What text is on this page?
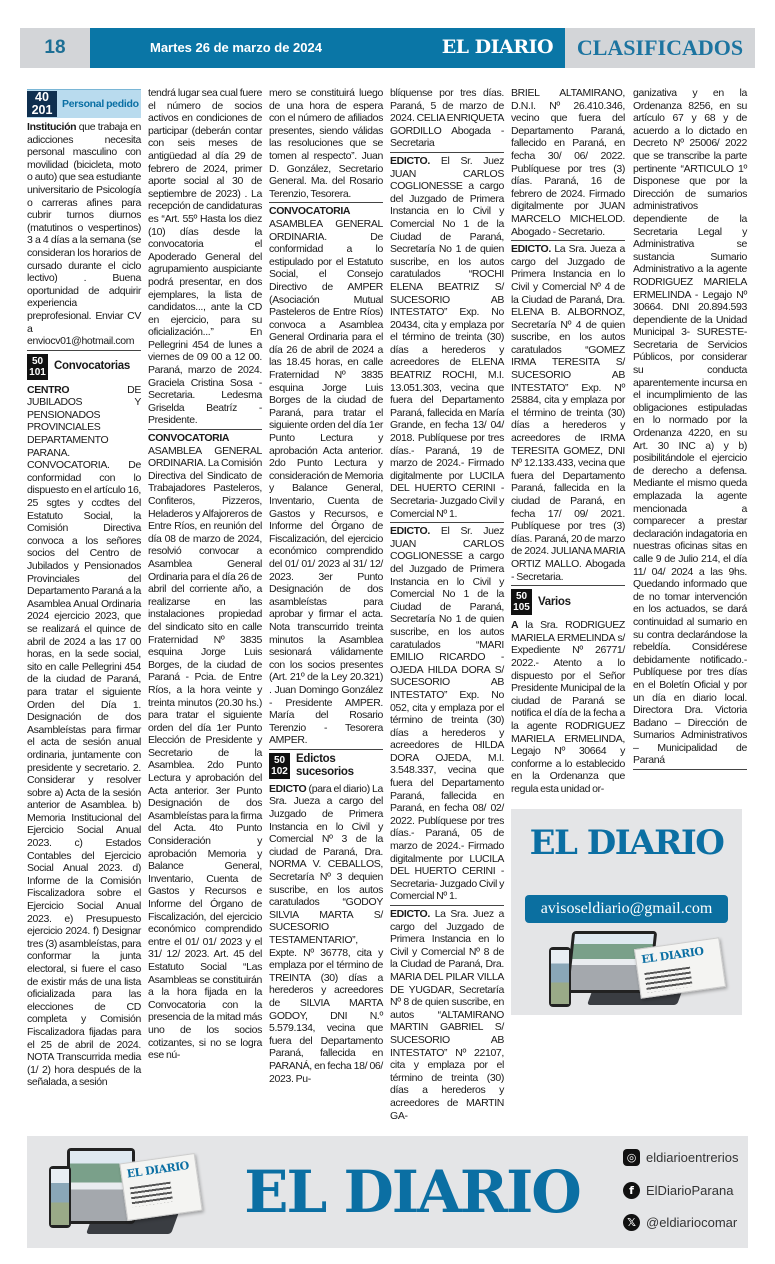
18	Martes 26 de marzo de 2024	EL DIARIO	CLASIFICADOS
40
201 Personal pedido

Institución que trabaja en adicciones necesita personal masculino con movilidad (bicicleta, moto o auto) que sea estudiante universitario de Psicología o carreras afines para cubrir turnos diurnos (matutinos o vespertinos) 3 a 4 días a la semana (se consideran los horarios de cursado durante el ciclo lectivo) . Buena oportunidad de adquirir experiencia preprofesional. Enviar CV a enviocv01@hotmail.com

50
101 Convocatorias

CENTRO DE JUBILADOS Y PENSIONADOS PROVINCIALES DEPARTAMENTO PARANA. CONVOCATORIA. De conformidad con lo dispuesto en el artículo 16, 25 sgtes y ccdtes del Estatuto Social, la Comisión Directiva convoca a los señores socios del Centro de Jubilados y Pensionados Provinciales del Departamento Paraná a la Asamblea Anual Ordinaria 2024 ejercicio 2023, que se realizará el quince de abril de 2024 a las 17 00 horas, en la sede social, sito en calle Pellegrini 454 de la ciudad de Paraná, para tratar el siguiente Orden del Día 1. Designación de dos Asambleístas para firmar el acta de sesión anual ordinaria, juntamente con presidente y secretario. 2. Considerar y resolver sobre a) Acta de la sesión anterior de Asamblea. b) Memoria Institucional del Ejercicio Social Anual 2023. c) Estados Contables del Ejercicio Social Anual 2023. d) Informe de la Comisión Fiscalizadora sobre el Ejercicio Social Anual 2023. e) Presupuesto ejercicio 2024. f) Designar tres (3) asambleístas, para conformar la junta electoral, si fuere el caso de existir más de una lista oficializada para las elecciones de CD completa y Comisión Fiscalizadora fijadas para el 25 de abril de 2024. NOTA Transcurrida media (1/ 2) hora después de la señalada, a sesión

tendrá lugar sea cual fuere el número de socios activos en condiciones de participar (deberán contar con seis meses de antigüedad al día 29 de febrero de 2024, primer aporte social al 30 de septiembre de 2023) . La recepción de candidaturas es “Art. 55º Hasta los diez (10) días desde la convocatoria el Apoderado General del agrupamiento auspiciante podrá presentar, en dos ejemplares, la lista de candidatos..., ante la CD en ejercicio, para su oficialización...” En Pellegrini 454 de lunes a viernes de 09 00 a 12 00. Paraná, marzo de 2024. Graciela Cristina Sosa - Secretaria. Ledesma Griselda Beatríz - Presidente.

CONVOCATORIA ASAMBLEA GENERAL ORDINARIA. La Comisión Directiva del Sindicato de Trabajadores Pasteleros, Confiteros, Pizzeros, Heladeros y Alfajoreros de Entre Ríos, en reunión del día 08 de marzo de 2024, resolvió convocar a Asamblea General Ordinaria para el día 26 de abril del corriente año, a realizarse en las instalaciones propiedad del sindicato sito en calle Fraternidad Nº 3835 esquina Jorge Luis Borges, de la ciudad de Paraná - Pcia. de Entre Ríos, a la hora veinte y treinta minutos (20.30 hs.) para tratar el siguiente orden del día 1er Punto Elección de Presidente y Secretario de la Asamblea. 2do Punto Lectura y aprobación del Acta anterior. 3er Punto Designación de dos Asambleístas para la firma del Acta. 4to Punto Consideración y aprobación Memoria y Balance General, Inventario, Cuenta de Gastos y Recursos e Informe del Órgano de Fiscalización, del ejercicio económico comprendido entre el 01/ 01/ 2023 y el 31/ 12/ 2023. Art. 45 del Estatuto Social “Las Asambleas se constituirán a la hora fijada en la Convocatoria con la presencia de la mitad más uno de los socios cotizantes, si no se logra ese nú-

mero se constituirá luego de una hora de espera con el número de afiliados presentes, siendo válidas las resoluciones que se tomen al respecto”. Juan D. González, Secretario General. Ma. del Rosario Terenzio, Tesorera.

CONVOCATORIA ASAMBLEA GENERAL ORDINARIA. De conformidad a lo estipulado por el Estatuto Social, el Consejo Directivo de AMPER (Asociación Mutual Pasteleros de Entre Ríos) convoca a Asamblea General Ordinaria para el día 26 de abril de 2024 a las 18.45 horas, en calle Fraternidad Nº 3835 esquina Jorge Luis Borges de la ciudad de Paraná, para tratar el siguiente orden del día 1er Punto Lectura y aprobación Acta anterior. 2do Punto Lectura y consideración de Memoria y Balance General, Inventario, Cuenta de Gastos y Recursos, e Informe del Órgano de Fiscalización, del ejercicio económico comprendido del 01/ 01/ 2023 al 31/ 12/ 2023. 3er Punto Designación de dos asambleístas para aprobar y firmar el acta. Nota transcurrido treinta minutos la Asamblea sesionará válidamente con los socios presentes (Art. 21º de la Ley 20.321) . Juan Domingo González - Presidente AMPER. María del Rosario Terenzio - Tesorera AMPER.

50
102
Edictos sucesorios

EDICTO (para el diario) La Sra. Jueza a cargo del Juzgado de Primera Instancia en lo Civil y Comercial Nº 3 de la ciudad de Paraná, Dra. NORMA V. CEBALLOS, Secretaría Nº 3 dequien suscribe, en los autos caratulados “GODOY SILVIA MARTA S/ SUCESORIO TESTAMENTARIO”, Expte. Nº 36778, cita y emplaza por el término de TREINTA (30) días a herederos y acreedores de SILVIA MARTA GODOY, DNI N.º 5.579.134, vecina que fuera del Departamento Paraná, fallecida en PARANÁ, en fecha 18/ 06/ 2023. Pu-

blíquense por tres días. Paraná, 5 de marzo de 2024. CELIA ENRIQUETA GORDILLO Abogada - Secretaria

EDICTO. El Sr. Juez JUAN CARLOS COGLIONESSE a cargo del Juzgado de Primera Instancia en lo Civil y Comercial No 1 de la Ciudad de Paraná, Secretaría No 1 de quien suscribe, en los autos caratulados “ROCHI ELENA BEATRIZ S/ SUCESORIO AB INTESTATO” Exp. No 20434, cita y emplaza por el término de treinta (30) días a herederos y acreedores de ELENA BEATRIZ ROCHI, M.I. 13.051.303, vecina que fuera del Departamento Paraná, fallecida en María Grande, en fecha 13/ 04/ 2018. Publíquese por tres días.- Paraná, 19 de marzo de 2024.- Firmado digitalmente por LUCILA DEL HUERTO CERINI -Secretaria- Juzgado Civil y Comercial Nº 1.

EDICTO. El Sr. Juez JUAN CARLOS COGLIONESSE a cargo del Juzgado de Primera Instancia en lo Civil y Comercial No 1 de la Ciudad de Paraná, Secretaría No 1 de quien suscribe, en los autos caratulados “MARI EMILIO RICARDO - OJEDA HILDA DORA S/ SUCESORIO AB INTESTATO” Exp. No 052, cita y emplaza por el término de treinta (30) días a herederos y acreedores de HILDA DORA OJEDA, M.I. 3.548.337, vecina que fuera del Departamento Paraná, fallecida en Paraná, en fecha 08/ 02/ 2022. Publíquese por tres días.- Paraná, 05 de marzo de 2024.- Firmado digitalmente por LUCILA DEL HUERTO CERINI -Secretaria- Juzgado Civil y Comercial Nº 1.

EDICTO. La Sra. Juez a cargo del Juzgado de Primera Instancia en lo Civil y Comercial Nº 8 de la Ciudad de Paraná, Dra. MARIA DEL PILAR VILLA DE YUGDAR, Secretaría Nº 8 de quien suscribe, en autos “ALTAMIRANO MARTIN GABRIEL S/ SUCESORIO AB INTESTATO” Nº 22107, cita y emplaza por el término de treinta (30) días a herederos y acreedores de MARTIN GA-

BRIEL ALTAMIRANO, D.N.I. Nº 26.410.346, vecino que fuera del Departamento Paraná, fallecido en Paraná, en fecha 30/ 06/ 2022. Publíquese por tres (3) días. Paraná, 16 de febrero de 2024. Firmado digitalmente por JUAN MARCELO MICHELOD. Abogado - Secretario.

EDICTO. La Sra. Jueza a cargo del Juzgado de Primera Instancia en lo Civil y Comercial Nº 4 de la Ciudad de Paraná, Dra. ELENA B. ALBORNOZ, Secretaría Nº 4 de quien suscribe, en los autos caratulados “GOMEZ IRMA TERESITA S/ SUCESORIO AB INTESTATO” Exp. Nº 25884, cita y emplaza por el término de treinta (30) días a herederos y acreedores de IRMA TERESITA GOMEZ, DNI Nº 12.133.433, vecina que fuera del Departamento Paraná, fallecida en la ciudad de Paraná, en fecha 17/ 09/ 2021. Publíquese por tres (3) días. Paraná, 20 de marzo de 2024. JULIANA MARIA ORTIZ MALLO. Abogada - Secretaria.

50
105 Varios

A la Sra. RODRIGUEZ MARIELA ERMELINDA s/ Expediente Nº 26771/ 2022.- Atento a lo dispuesto por el Señor Presidente Municipal de la ciudad de Paraná se notifica el día de la fecha a la agente RODRIGUEZ MARIELA ERMELINDA, Legajo Nº 30664 y conforme a lo establecido en la Ordenanza que regula esta unidad or-

ganizativa y en la Ordenanza 8256, en su artículo 67 y 68 y de acuerdo a lo dictado en Decreto Nº 25006/ 2022 que se transcribe la parte pertinente “ARTICULO 1º Disponese que por la Dirección de sumarios administrativos dependiente de la Secretaria Legal y Administrativa se sustancia Sumario Administrativo a la agente RODRIGUEZ MARIELA ERMELINDA - Legajo Nº 30664. DNI 20.894.593 dependiente de la Unidad Municipal 3- SURESTE- Secretaria de Servicios Públicos, por considerar su conducta aparentemente incursa en el incumplimiento de las obligaciones estipuladas en lo normado por la Ordenanza 4220, en su Art. 30 INC a) y b) posibilitándole el ejercicio de derecho a defensa. Mediante el mismo queda emplazada la agente mencionada a comparecer a prestar declaración indagatoria en nuestras oficinas sitas en calle 9 de Julio 214, el día 11/ 04/ 2024 a las 9hs. Quedando informado que de no tomar intervención en los actuados, se dará continuidad al sumario en su contra declarándose la rebeldía. Considérese debidamente notificado.- Publíquese por tres días en el Boletín Oficial y por un día en diario local. Directora Dra. Victoria Badano – Dirección de Sumarios Administrativos – Municipalidad de Paraná

EL DIARIO
avisoseldiario@gmail.com
EL DIARIO
EL DIARIO EL DIARIO
◎ eldiarioentrerios
f ElDiarioParana
𝕏 @eldiariocomar
